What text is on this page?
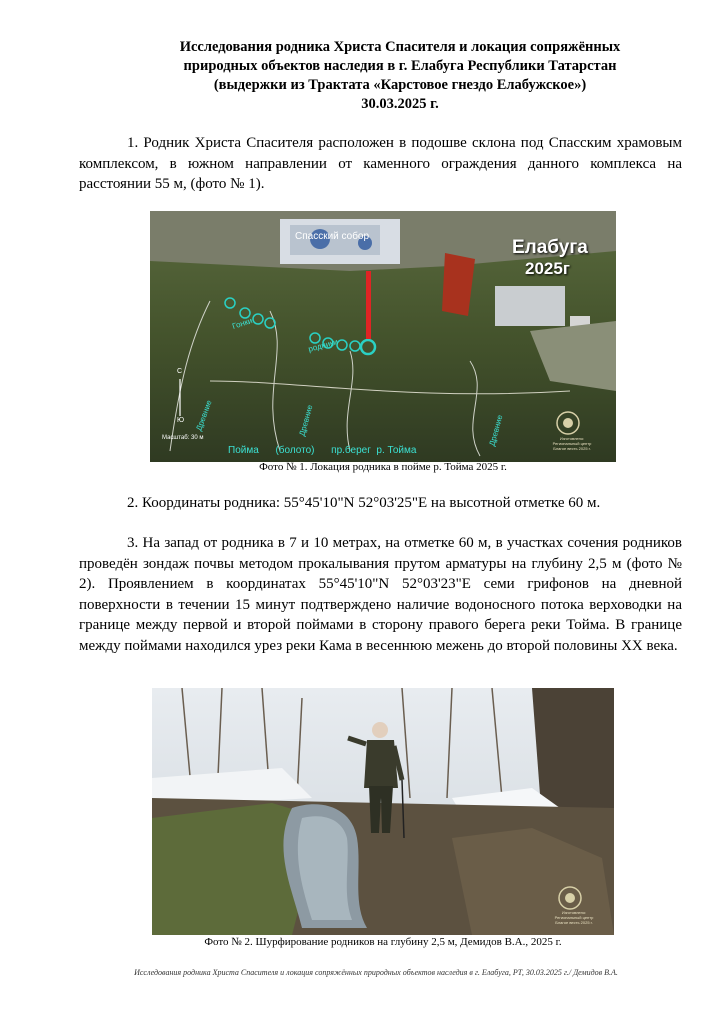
Исследования родника Христа Спасителя и локация сопряжённых
природных объектов наследия в г. Елабуга Республики Татарстан
(выдержки из Трактата «Карстовое гнездо Елабужское»)
30.03.2025 г.
1. Родник Христа Спасителя расположен в подошве склона под Спасским храмовым комплексом, в южном направлении от каменного ограждения данного комплекса на расстоянии 55 м, (фото № 1).
Спасский собор
Елабуга
2025г
Гонки
родники
Древние	Древние	Древние
Пойма      (болото)      пр.берег  р. Тойма
Масштаб: 30 м
С
Ю
Изготовлено: Региональный центр Благое весть 2025 г.
Фото № 1. Локация родника в пойме р. Тойма 2025 г.
2. Координаты родника: 55°45'10"N 52°03'25"E на высотной отметке 60 м.
3. На запад от родника в 7 и 10 метрах, на отметке 60 м, в участках сочения родников проведён зондаж почвы методом прокалывания прутом арматуры на глубину 2,5 м (фото № 2). Проявлением в координатах 55°45'10"N 52°03'23"E семи грифонов на дневной поверхности в течении 15 минут подтверждено наличие водоносного потока верховодки на границе между первой и второй поймами в сторону правого берега реки Тойма. В границе между поймами находился урез реки Кама в весеннюю межень до второй половины XX века.
Изготовлено: Региональный центр Благое весть 2025 г.
Фото № 2. Шурфирование родников на глубину 2,5 м, Демидов В.А., 2025 г.
Исследования родника Христа Спасителя и локация сопряжённых природных объектов наследия в г. Елабуга, РТ, 30.03.2025 г./ Демидов В.А.
